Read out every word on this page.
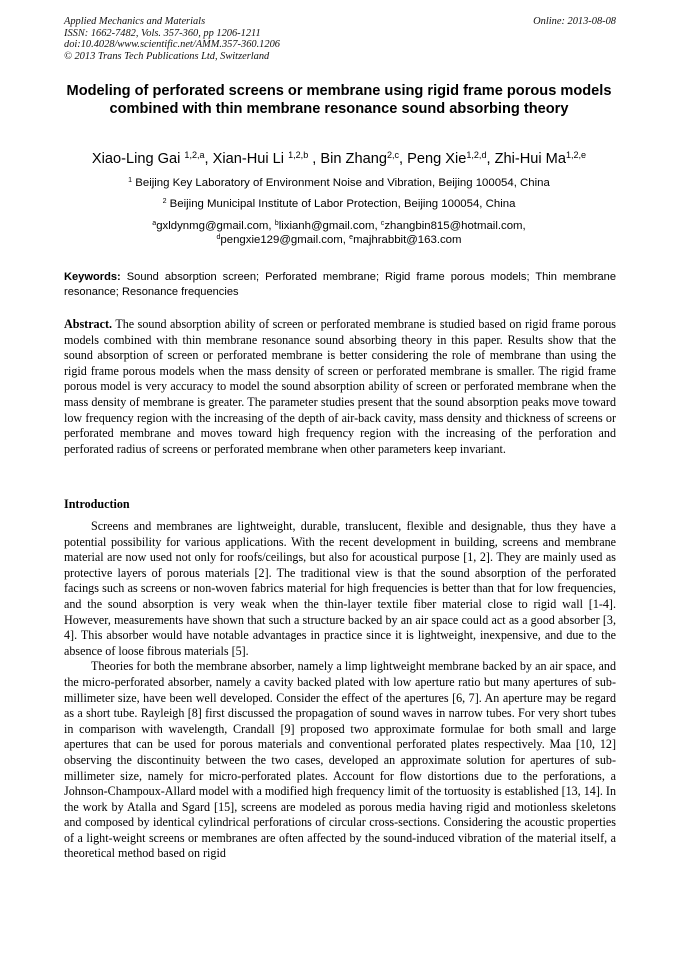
Applied Mechanics and Materials
ISSN: 1662-7482, Vols. 357-360, pp 1206-1211
doi:10.4028/www.scientific.net/AMM.357-360.1206
© 2013 Trans Tech Publications Ltd, Switzerland
Online: 2013-08-08
Modeling of perforated screens or membrane using rigid frame porous models combined with thin membrane resonance sound absorbing theory
Xiao-Ling Gai $^{1,2,a}$, Xian-Hui Li $^{1,2,b}$ , Bin Zhang$^{2,c}$, Peng Xie$^{1,2,d}$, Zhi-Hui Ma$^{1,2,e}$
$^1$ Beijing Key Laboratory of Environment Noise and Vibration, Beijing 100054, China
$^2$ Beijing Municipal Institute of Labor Protection, Beijing 100054, China
$^a$gxldynmg@gmail.com, $^b$lixianh@gmail.com, $^c$zhangbin815@hotmail.com,
$^d$pengxie129@gmail.com, $^e$majhrabbit@163.com
Keywords: Sound absorption screen; Perforated membrane; Rigid frame porous models; Thin membrane resonance; Resonance frequencies
Abstract. The sound absorption ability of screen or perforated membrane is studied based on rigid frame porous models combined with thin membrane resonance sound absorbing theory in this paper. Results show that the sound absorption of screen or perforated membrane is better considering the role of membrane than using the rigid frame porous models when the mass density of screen or perforated membrane is smaller. The rigid frame porous model is very accuracy to model the sound absorption ability of screen or perforated membrane when the mass density of membrane is greater. The parameter studies present that the sound absorption peaks move toward low frequency region with the increasing of the depth of air-back cavity, mass density and thickness of screens or perforated membrane and moves toward high frequency region with the increasing of the perforation and perforated radius of screens or perforated membrane when other parameters keep invariant.
Introduction

Screens and membranes are lightweight, durable, translucent, flexible and designable, thus they have a potential possibility for various applications. With the recent development in building, screens and membrane material are now used not only for roofs/ceilings, but also for acoustical purpose [1, 2]. They are mainly used as protective layers of porous materials [2]. The traditional view is that the sound absorption of the perforated facings such as screens or non-woven fabrics material for high frequencies is better than that for low frequencies, and the sound absorption is very weak when the thin-layer textile fiber material close to rigid wall [1-4]. However, measurements have shown that such a structure backed by an air space could act as a good absorber [3, 4]. This absorber would have notable advantages in practice since it is lightweight, inexpensive, and due to the absence of loose fibrous materials [5].

Theories for both the membrane absorber, namely a limp lightweight membrane backed by an air space, and the micro-perforated absorber, namely a cavity backed plated with low aperture ratio but many apertures of sub-millimeter size, have been well developed. Consider the effect of the apertures [6, 7]. An aperture may be regard as a short tube. Rayleigh [8] first discussed the propagation of sound waves in narrow tubes. For very short tubes in comparison with wavelength, Crandall [9] proposed two approximate formulae for both small and large apertures that can be used for porous materials and conventional perforated plates respectively. Maa [10, 12] observing the discontinuity between the two cases, developed an approximate solution for apertures of sub-millimeter size, namely for micro-perforated plates. Account for flow distortions due to the perforations, a Johnson-Champoux-Allard model with a modified high frequency limit of the tortuosity is established [13, 14]. In the work by Atalla and Sgard [15], screens are modeled as porous media having rigid and motionless skeletons and composed by identical cylindrical perforations of circular cross-sections. Considering the acoustic properties of a light-weight screens or membranes are often affected by the sound-induced vibration of the material itself, a theoretical method based on rigid
